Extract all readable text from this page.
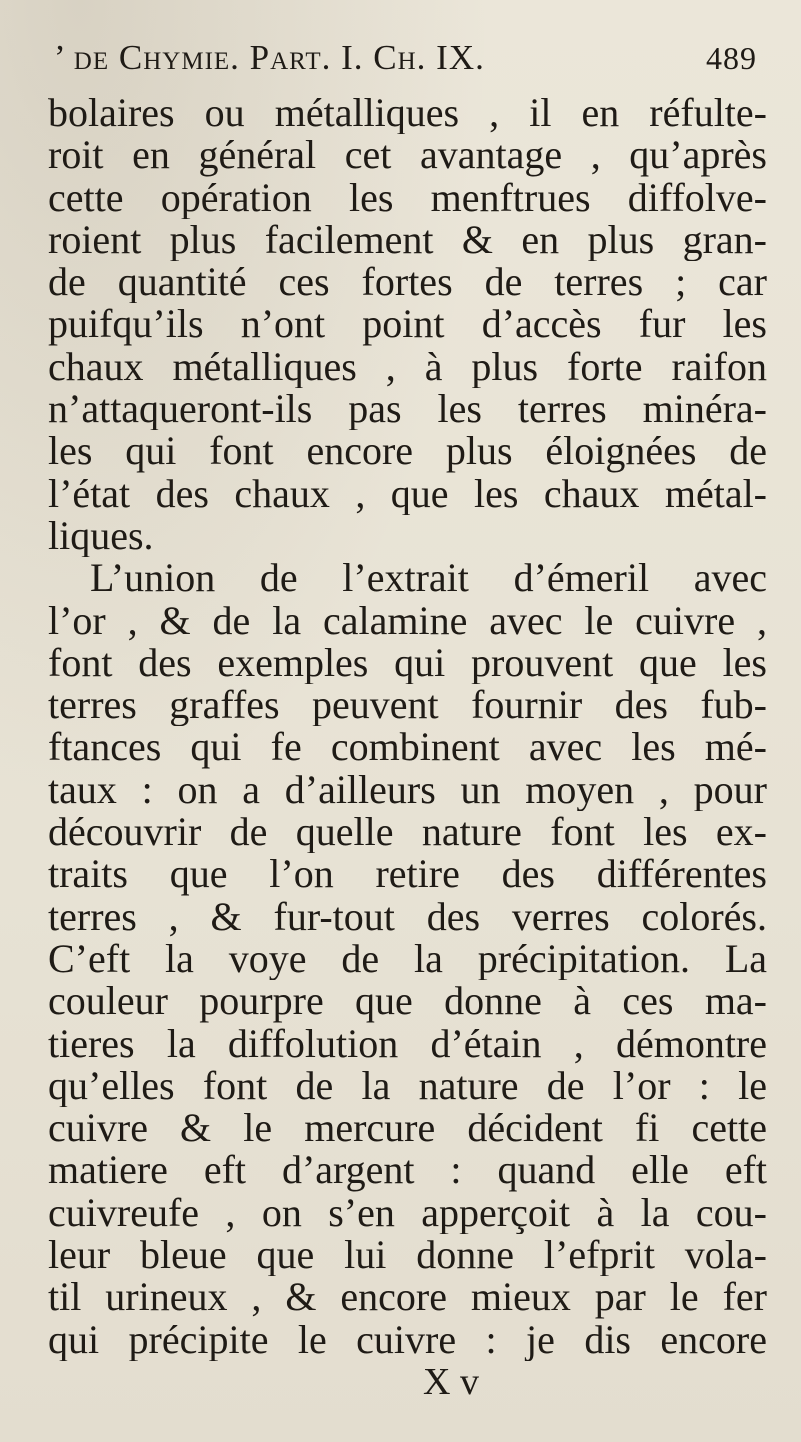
’ de Chymie. Part. I. Ch. IX.	489
bolaires ou métalliques , il en réfulte-
roit en général cet avantage , qu’après
cette opération les menftrues diffolve-
roient plus facilement & en plus gran-
de quantité ces fortes de terres ; car
puifqu’ils n’ont point d’accès fur les
chaux métalliques , à plus forte raifon
n’attaqueront-ils pas les terres minéra-
les qui font encore plus éloignées de
l’état des chaux , que les chaux métal-
liques.
L’union de l’extrait d’émeril avec
l’or , & de la calamine avec le cuivre ,
font des exemples qui prouvent que les
terres graffes peuvent fournir des fub-
ftances qui fe combinent avec les mé-
taux : on a d’ailleurs un moyen , pour
découvrir de quelle nature font les ex-
traits que l’on retire des différentes
terres , & fur-tout des verres colorés.
C’eft la voye de la précipitation. La
couleur pourpre que donne à ces ma-
tieres la diffolution d’étain , démontre
qu’elles font de la nature de l’or : le
cuivre & le mercure décident fi cette
matiere eft d’argent : quand elle eft
cuivreufe , on s’en apperçoit à la cou-
leur bleue que lui donne l’efprit vola-
til urineux , & encore mieux par le fer
qui précipite le cuivre : je dis encore
X v
